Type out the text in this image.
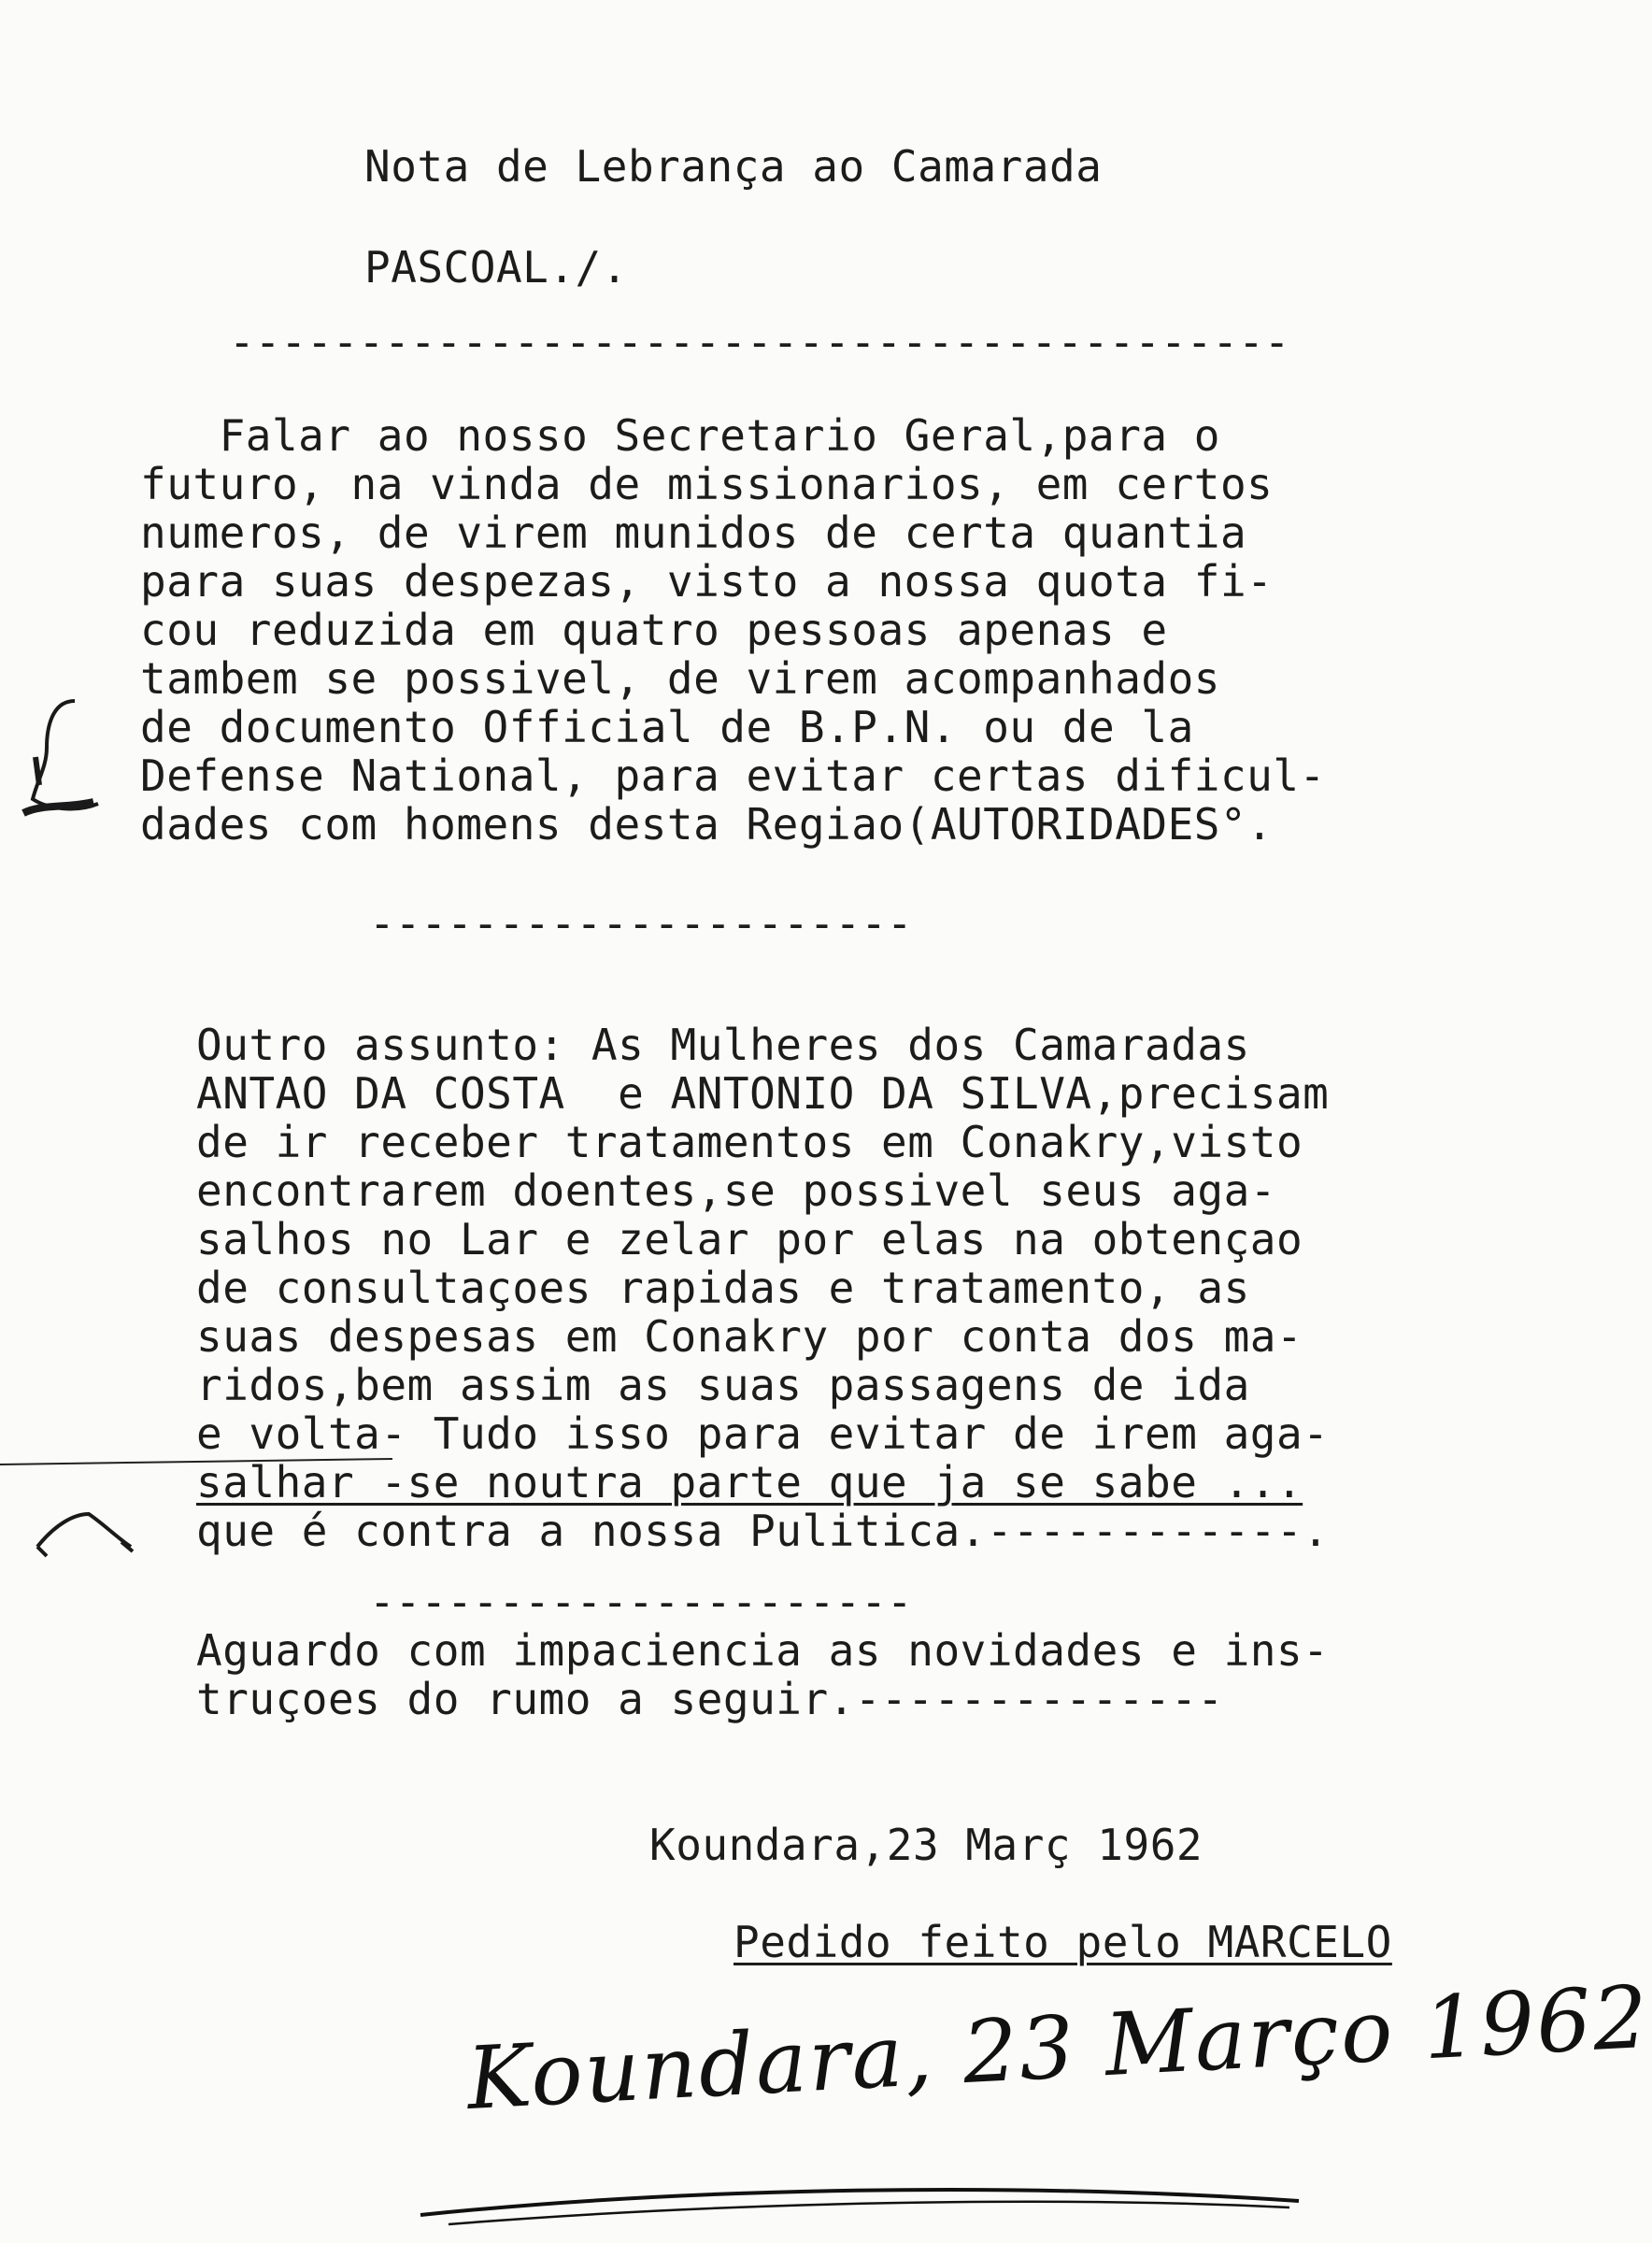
Nota de Lebrança ao Camarada
PASCOAL./.
-----------------------------------------
Falar ao nosso Secretario Geral,para o
futuro, na vinda de missionarios, em certos
numeros, de virem munidos de certa quantia
para suas despezas, visto a nossa quota fi-
cou reduzida em quatro pessoas apenas e
tambem se possivel, de virem acompanhados
de documento Official de B.P.N. ou de la
Defense National, para evitar certas dificul-
dades com homens desta Regiao(AUTORIDADES°.
---------------------
Outro assunto: As Mulheres dos Camaradas
ANTAO DA COSTA  e ANTONIO DA SILVA,precisam
de ir receber tratamentos em Conakry,visto
encontrarem doentes,se possivel seus aga-
salhos no Lar e zelar por elas na obtençao
de consultaçoes rapidas e tratamento, as
suas despesas em Conakry por conta dos ma-
ridos,bem assim as suas passagens de ida
e volta- Tudo isso para evitar de irem aga-
salhar -se noutra parte que ja se sabe ...
que é contra a nossa Pulitica.------------.
---------------------
Aguardo com impaciencia as novidades e ins-
truçoes do rumo a seguir.--------------
Koundara,23 Març 1962
Pedido feito pelo MARCELO
Koundara, 23 Março 1962
